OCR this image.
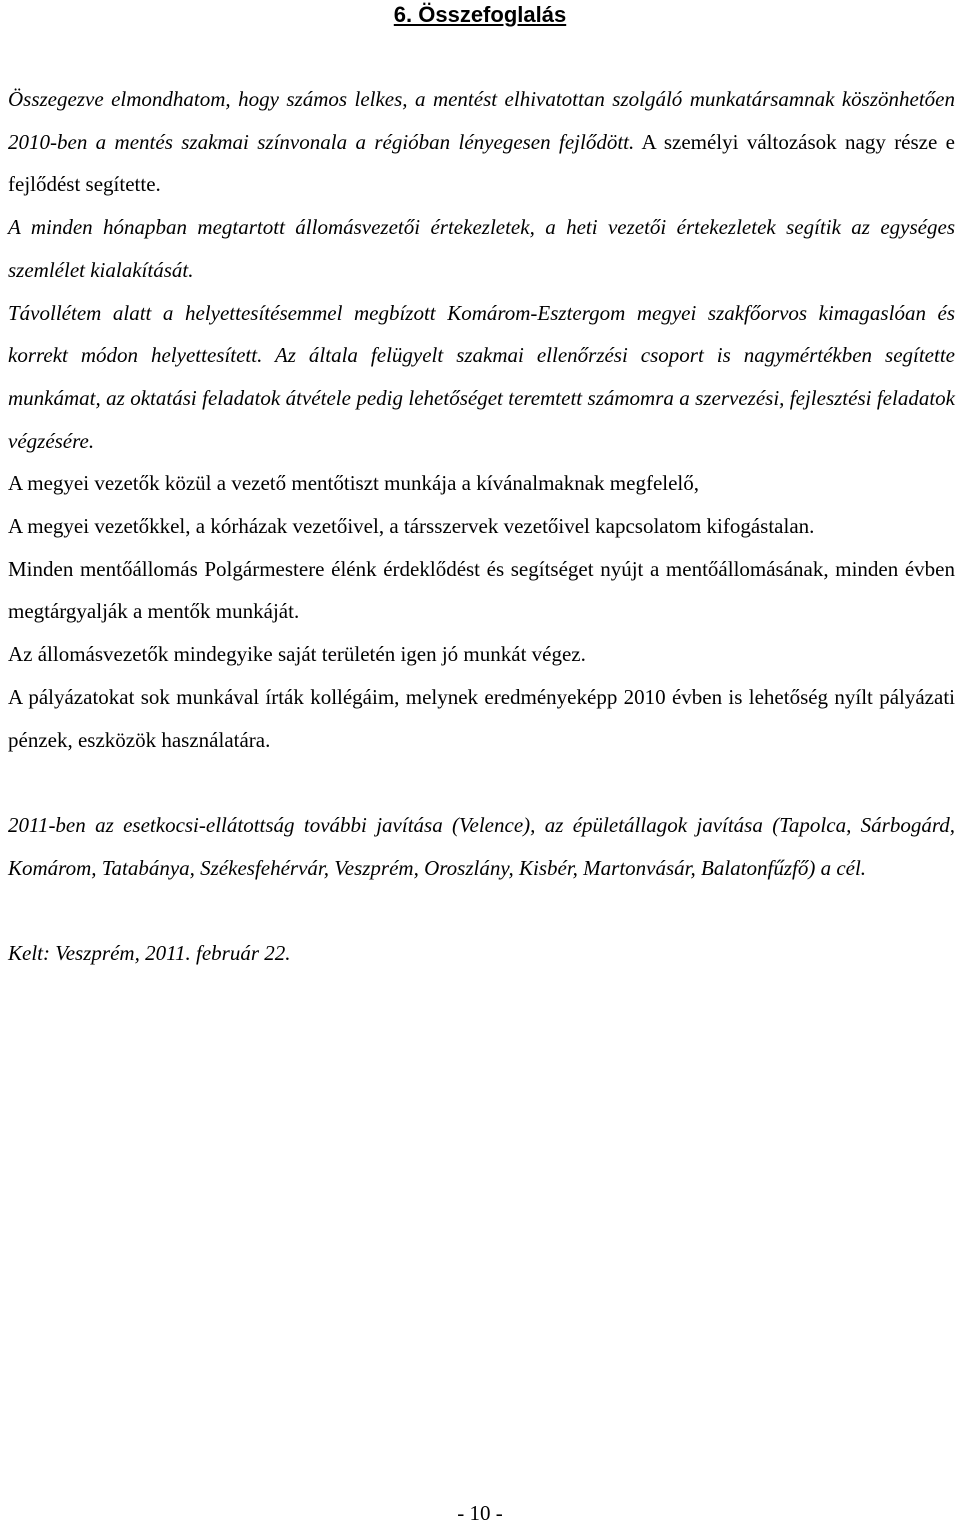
6. Összefoglalás

Összegezve elmondhatom, hogy számos lelkes, a mentést elhivatottan szolgáló munkatársamnak köszönhetően 2010-ben a mentés szakmai színvonala a régióban lényegesen fejlődött. A személyi változások nagy része e fejlődést segítette.

A minden hónapban megtartott állomásvezetői értekezletek, a heti vezetői értekezletek segítik az egységes szemlélet kialakítását.

Távollétem alatt a helyettesítésemmel megbízott Komárom-Esztergom megyei szakfőorvos kimagaslóan és korrekt módon helyettesített. Az általa felügyelt szakmai ellenőrzési csoport is nagymértékben segítette munkámat, az oktatási feladatok átvétele pedig lehetőséget teremtett számomra a szervezési, fejlesztési feladatok végzésére.

A megyei vezetők közül a vezető mentőtiszt munkája a kívánalmaknak megfelelő,

A megyei vezetőkkel, a kórházak vezetőivel, a társszervek vezetőivel kapcsolatom kifogástalan.

Minden mentőállomás Polgármestere élénk érdeklődést és segítséget nyújt a mentőállomásának, minden évben megtárgyalják a mentők munkáját.

Az állomásvezetők mindegyike saját területén igen jó munkát végez.

A pályázatokat sok munkával írták kollégáim, melynek eredményeképp 2010 évben is lehetőség nyílt pályázati pénzek, eszközök használatára.

2011-ben az esetkocsi-ellátottság további javítása (Velence), az épületállagok javítása (Tapolca, Sárbogárd, Komárom, Tatabánya, Székesfehérvár, Veszprém, Oroszlány, Kisbér, Martonvásár, Balatonfűzfő) a cél.

Kelt: Veszprém, 2011. február 22.

- 10 -
